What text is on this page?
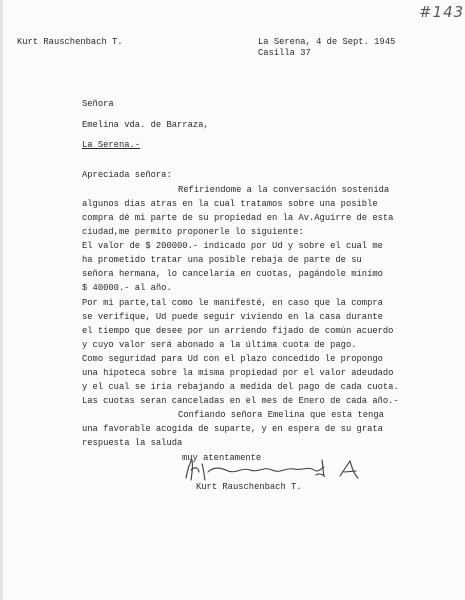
#143
Kurt Rauschenbach T.	La Serena, 4 de Sept. 1945
Casilla 37
Señora
Emelina vda. de Barraza,
La Serena.-
Apreciada señora:
Refiriendome a la conversación sostenida
algunos dias atras en la cual tratamos sobre una posible
compra dé mi parte de su propiedad en la Av.Aguirre de esta
ciudad,me permito proponerle lo siguiente:
El valor de $ 200000.- indicado por Ud y sobre el cual me
ha prometido tratar una posible rebaja de parte de su
señora hermana, lo cancelaria en cuotas, pagándole mínimo
$ 40000.- al año.
Por mi parte,tal como le manifesté, en caso que la compra
se verifique, Ud puede seguir viviendo en la casa durante
el tiempo que desee por un arriendo fijado de común acuerdo
y cuyo valor será abonado a la última cuota de pago.
Como seguridad para Ud con el plazo concedido le propongo
una hipoteca sobre la misma propiedad por el valor adeudado
y el cual se iria rebajando a medida del pago de cada cuota.
Las cuotas seran canceladas en el mes de Enero de cada año.-
Confiando señora Emelina que esta tenga
una favorable acogida de suparte, y en espera de su grata
respuesta la saluda
muy atentamente
Kurt Rauschenbach T.
